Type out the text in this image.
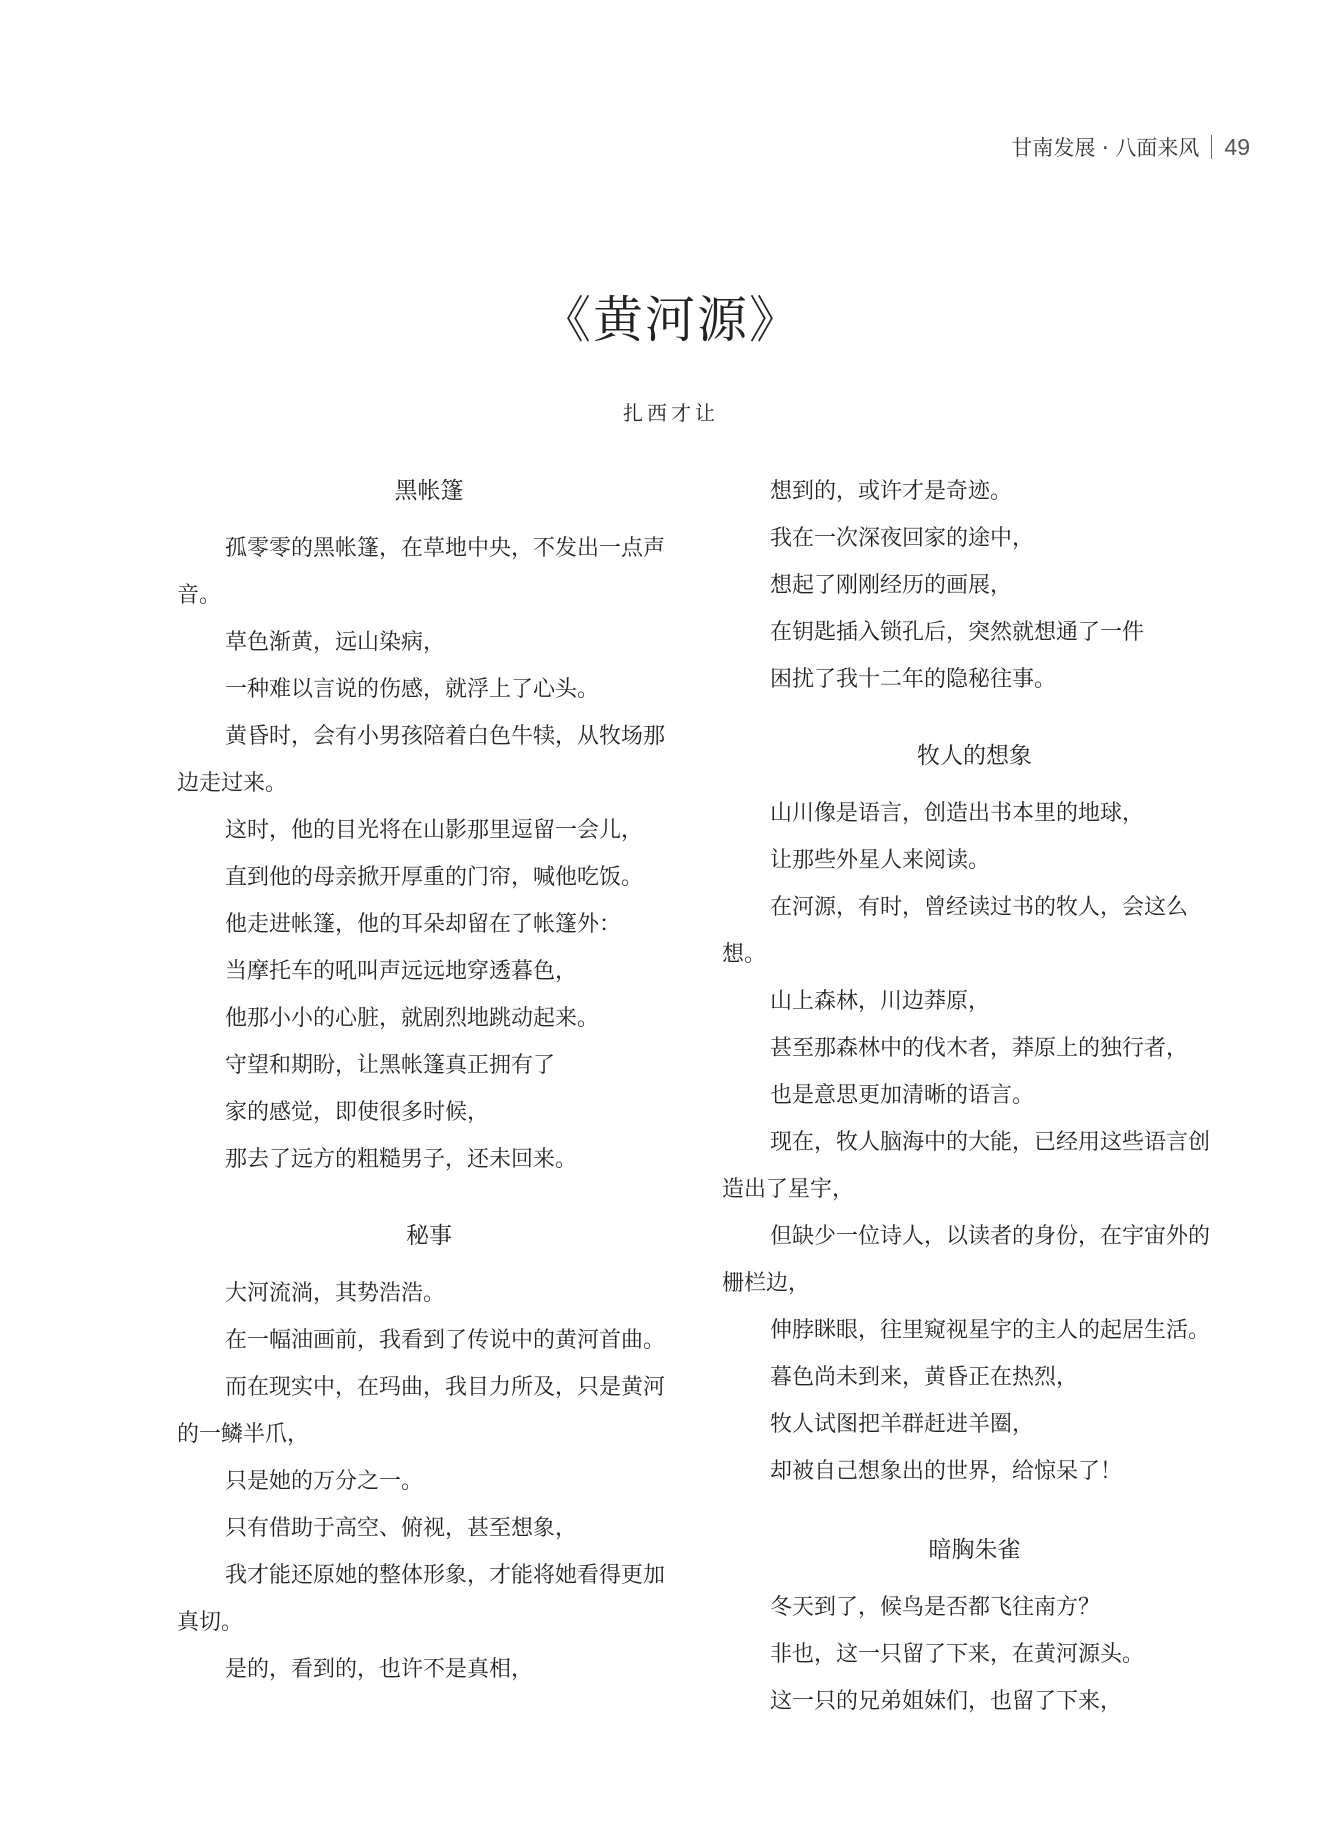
甘南发展 · 八面来风 49
《黄河源》
扎西才让
黑帐篷

孤零零的黑帐篷，在草地中央，不发出一点声音。

草色渐黄，远山染病，

一种难以言说的伤感，就浮上了心头。

黄昏时，会有小男孩陪着白色牛犊，从牧场那边走过来。

这时，他的目光将在山影那里逗留一会儿，

直到他的母亲掀开厚重的门帘，喊他吃饭。

他走进帐篷，他的耳朵却留在了帐篷外：

当摩托车的吼叫声远远地穿透暮色，

他那小小的心脏，就剧烈地跳动起来。

守望和期盼，让黑帐篷真正拥有了

家的感觉，即使很多时候，

那去了远方的粗糙男子，还未回来。

秘事

大河流淌，其势浩浩。

在一幅油画前，我看到了传说中的黄河首曲。

而在现实中，在玛曲，我目力所及，只是黄河的一鳞半爪，

只是她的万分之一。

只有借助于高空、俯视，甚至想象，

我才能还原她的整体形象，才能将她看得更加真切。

是的，看到的，也许不是真相，

想到的，或许才是奇迹。

我在一次深夜回家的途中，

想起了刚刚经历的画展，

在钥匙插入锁孔后，突然就想通了一件

困扰了我十二年的隐秘往事。

牧人的想象

山川像是语言，创造出书本里的地球，

让那些外星人来阅读。

在河源，有时，曾经读过书的牧人，会这么想。

山上森林，川边莽原，

甚至那森林中的伐木者，莽原上的独行者，

也是意思更加清晰的语言。

现在，牧人脑海中的大能，已经用这些语言创造出了星宇，

但缺少一位诗人，以读者的身份，在宇宙外的栅栏边，

伸脖眯眼，往里窥视星宇的主人的起居生活。

暮色尚未到来，黄昏正在热烈，

牧人试图把羊群赶进羊圈，

却被自己想象出的世界，给惊呆了！

暗胸朱雀

冬天到了，候鸟是否都飞往南方？

非也，这一只留了下来，在黄河源头。

这一只的兄弟姐妹们，也留了下来，
